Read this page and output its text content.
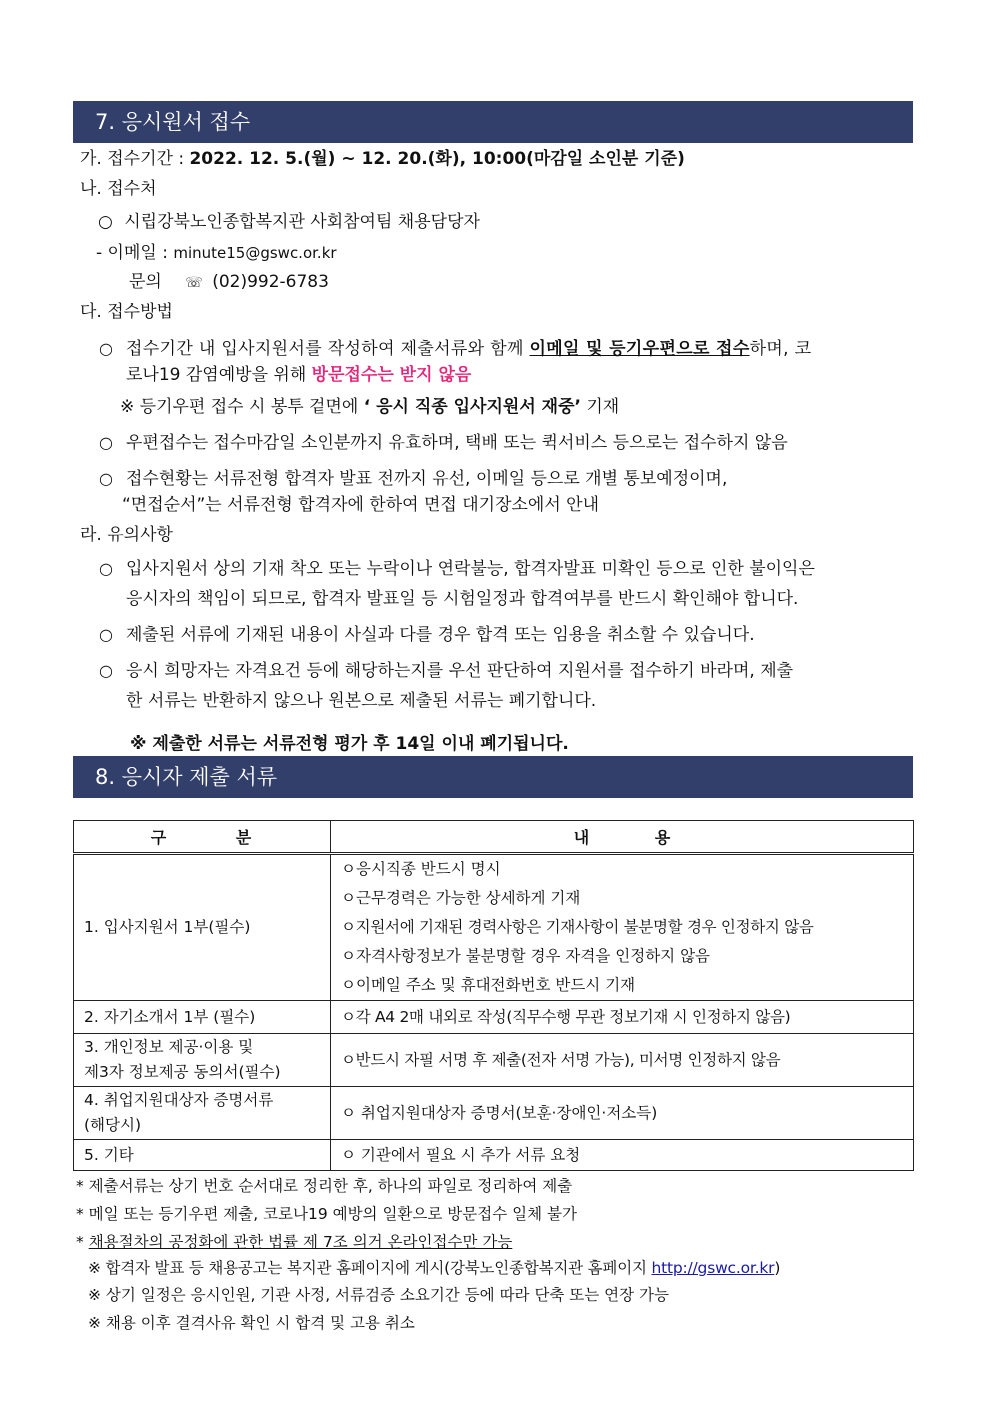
7. 응시원서 접수
가. 접수기간 : 2022. 12. 5.(월) ~ 12. 20.(화), 10:00(마감일 소인분 기준)
나. 접수처
○ 시립강북노인종합복지관 사회참여팀 채용담당자
- 이메일 : minute15@gswc.or.kr
문의 ☏ (02)992-6783
다. 접수방법
○ 접수기간 내 입사지원서를 작성하여 제출서류와 함께 이메일 및 등기우편으로 접수하며, 코
로나19 감염예방을 위해 방문접수는 받지 않음
※ 등기우편 접수 시 봉투 겉면에 ‘ 응시 직종 입사지원서 재중’ 기재
○ 우편접수는 접수마감일 소인분까지 유효하며, 택배 또는 퀵서비스 등으로는 접수하지 않음
○ 접수현황는 서류전형 합격자 발표 전까지 유선, 이메일 등으로 개별 통보예정이며,
“면접순서”는 서류전형 합격자에 한하여 면접 대기장소에서 안내
라. 유의사항
○ 입사지원서 상의 기재 착오 또는 누락이나 연락불능, 합격자발표 미확인 등으로 인한 불이익은
응시자의 책임이 되므로, 합격자 발표일 등 시험일정과 합격여부를 반드시 확인해야 합니다.
○ 제출된 서류에 기재된 내용이 사실과 다를 경우 합격 또는 임용을 취소할 수 있습니다.
○ 응시 희망자는 자격요건 등에 해당하는지를 우선 판단하여 지원서를 접수하기 바라며, 제출
한 서류는 반환하지 않으나 원본으로 제출된 서류는 폐기합니다.
※ 제출한 서류는 서류전형 평가 후 14일 이내 폐기됩니다.
8. 응시자 제출 서류
구 분	내 용

1. 입사지원서 1부(필수)	ㅇ응시직종 반드시 명시
ㅇ근무경력은 가능한 상세하게 기재
ㅇ지원서에 기재된 경력사항은 기재사항이 불분명할 경우 인정하지 않음
ㅇ자격사항정보가 불분명할 경우 자격을 인정하지 않음
ㅇ이메일 주소 및 휴대전화번호 반드시 기재

2. 자기소개서 1부 (필수)	ㅇ각 A4 2매 내외로 작성(직무수행 무관 정보기재 시 인정하지 않음)

3. 개인정보 제공·이용 및
제3자 정보제공 동의서(필수)	ㅇ반드시 자필 서명 후 제출(전자 서명 가능), 미서명 인정하지 않음

4. 취업지원대상자 증명서류
(해당시)	ㅇ 취업지원대상자 증명서(보훈·장애인·저소득)

5. 기타	ㅇ 기관에서 필요 시 추가 서류 요청
* 제출서류는 상기 번호 순서대로 정리한 후, 하나의 파일로 정리하여 제출
* 메일 또는 등기우편 제출, 코로나19 예방의 일환으로 방문접수 일체 불가
* 채용절차의 공정화에 관한 법률 제 7조 의거 온라인접수만 가능
※ 합격자 발표 등 채용공고는 복지관 홈페이지에 게시(강북노인종합복지관 홈페이지 http://gswc.or.kr)
※ 상기 일정은 응시인원, 기관 사정, 서류검증 소요기간 등에 따라 단축 또는 연장 가능
※ 채용 이후 결격사유 확인 시 합격 및 고용 취소
